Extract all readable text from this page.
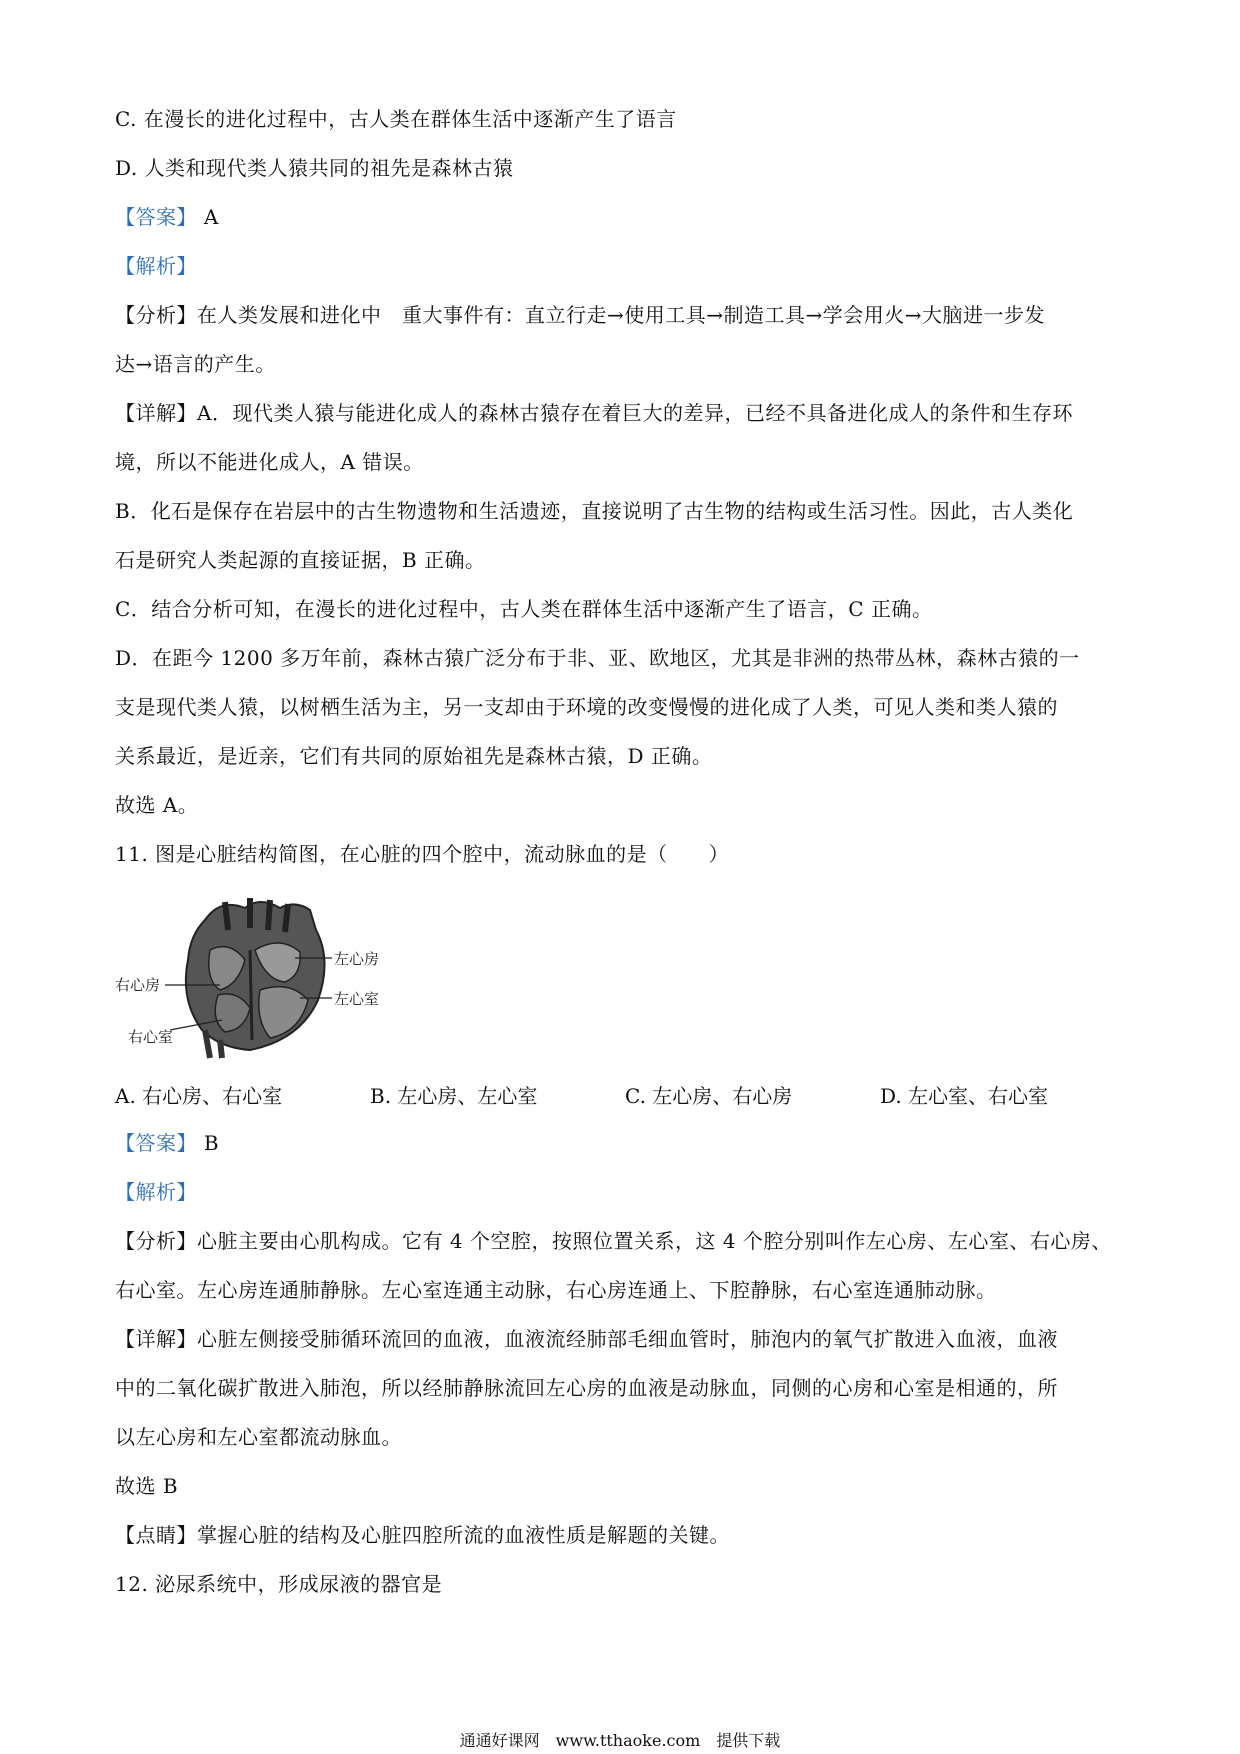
C. 在漫长的进化过程中，古人类在群体生活中逐渐产生了语言
D. 人类和现代类人猿共同的祖先是森林古猿
【答案】 A
【解析】
【分析】在人类发展和进化中　重大事件有：直立行走→使用工具→制造工具→学会用火→大脑进一步发
达→语言的产生。
【详解】A．现代类人猿与能进化成人的森林古猿存在着巨大的差异，已经不具备进化成人的条件和生存环
境，所以不能进化成人，A 错误。
B．化石是保存在岩层中的古生物遗物和生活遗迹，直接说明了古生物的结构或生活习性。因此，古人类化
石是研究人类起源的直接证据，B 正确。
C．结合分析可知，在漫长的进化过程中，古人类在群体生活中逐渐产生了语言，C 正确。
D．在距今 1200 多万年前，森林古猿广泛分布于非、亚、欧地区，尤其是非洲的热带丛林，森林古猿的一
支是现代类人猿，以树栖生活为主，另一支却由于环境的改变慢慢的进化成了人类，可见人类和类人猿的
关系最近，是近亲，它们有共同的原始祖先是森林古猿，D 正确。
故选 A。
11. 图是心脏结构简图，在心脏的四个腔中，流动脉血的是（　　）
左心房
左心室
右心房
右心室
A. 右心房、右心室	B. 左心房、左心室	C. 左心房、右心房	D. 左心室、右心室
【答案】 B
【解析】
【分析】心脏主要由心肌构成。它有 4 个空腔，按照位置关系，这 4 个腔分别叫作左心房、左心室、右心房、
右心室。左心房连通肺静脉。左心室连通主动脉，右心房连通上、下腔静脉，右心室连通肺动脉。
【详解】心脏左侧接受肺循环流回的血液，血液流经肺部毛细血管时，肺泡内的氧气扩散进入血液，血液
中的二氧化碳扩散进入肺泡，所以经肺静脉流回左心房的血液是动脉血，同侧的心房和心室是相通的，所
以左心房和左心室都流动脉血。
故选 B
【点睛】掌握心脏的结构及心脏四腔所流的血液性质是解题的关键。
12. 泌尿系统中，形成尿液的器官是
通通好课网　www.tthaoke.com　提供下载
